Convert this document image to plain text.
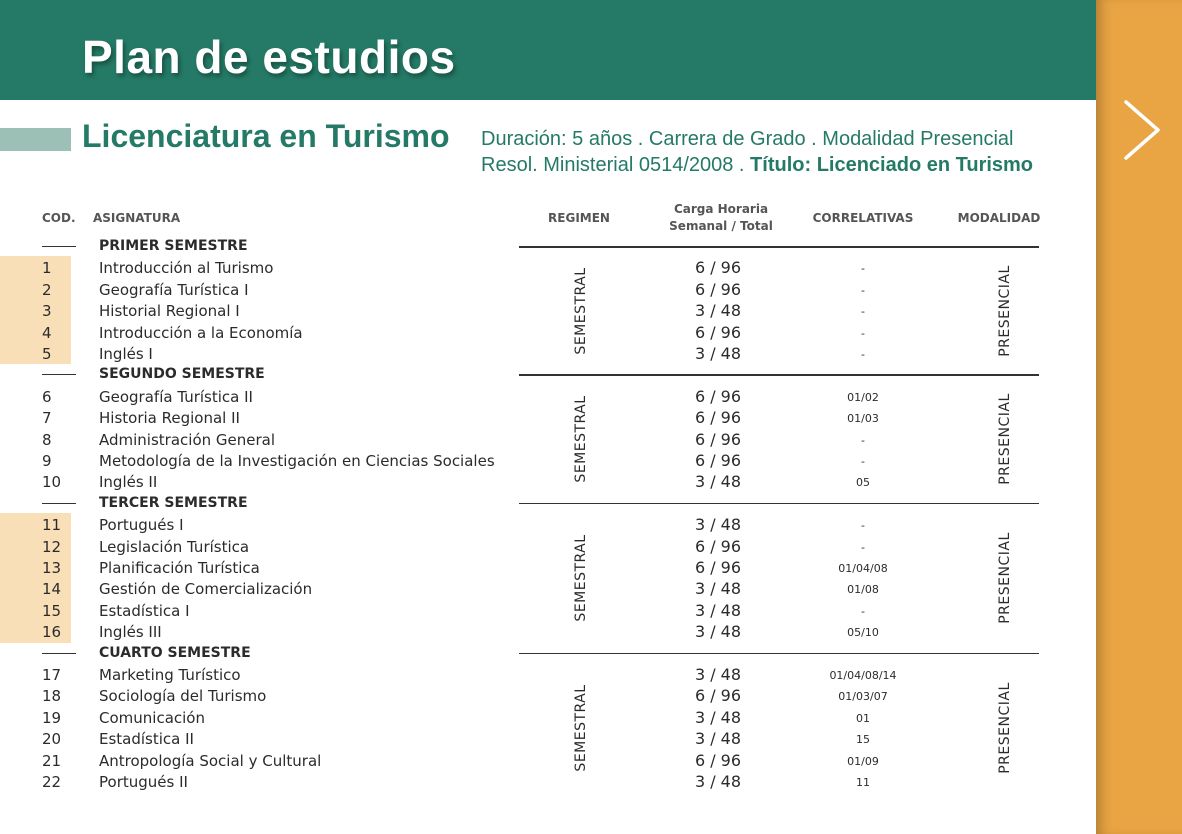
Plan de estudios
Licenciatura en Turismo Duración: 5 años . Carrera de Grado . Modalidad Presencial
Resol. Ministerial 0514/2008 . Título: Licenciado en Turismo
COD. ASIGNATURA	REGIMEN
Carga Horaria
Semanal / Total
CORRELATIVAS	MODALIDAD
PRIMER SEMESTRE
1	Introducción al Turismo	6 / 96	-
2	Geografía Turística I	6 / 96	-
3	Historial Regional I	3 / 48	-
4	Introducción a la Economía	6 / 96	-
5	Inglés I	3 / 48	-
SEMESTRAL	PRESENCIAL
SEGUNDO SEMESTRE
6	Geografía Turística II	6 / 96	01/02
7	Historia Regional II	6 / 96	01/03
8	Administración General	6 / 96	-
9	Metodología de la Investigación en Ciencias Sociales	6 / 96	-
10	Inglés II	3 / 48	05
SEMESTRAL	PRESENCIAL
TERCER SEMESTRE
11	Portugués I	3 / 48	-
12	Legislación Turística	6 / 96	-
13	Planificación Turística	6 / 96	01/04/08
14	Gestión de Comercialización	3 / 48	01/08
15	Estadística I	3 / 48	-
16	Inglés III	3 / 48	05/10
SEMESTRAL	PRESENCIAL
CUARTO SEMESTRE
17	Marketing Turístico	3 / 48	01/04/08/14
18	Sociología del Turismo	6 / 96	01/03/07
19	Comunicación	3 / 48	01
20	Estadística II	3 / 48	15
21	Antropología Social y Cultural	6 / 96	01/09
22	Portugués II	3 / 48	11
SEMESTRAL	PRESENCIAL
